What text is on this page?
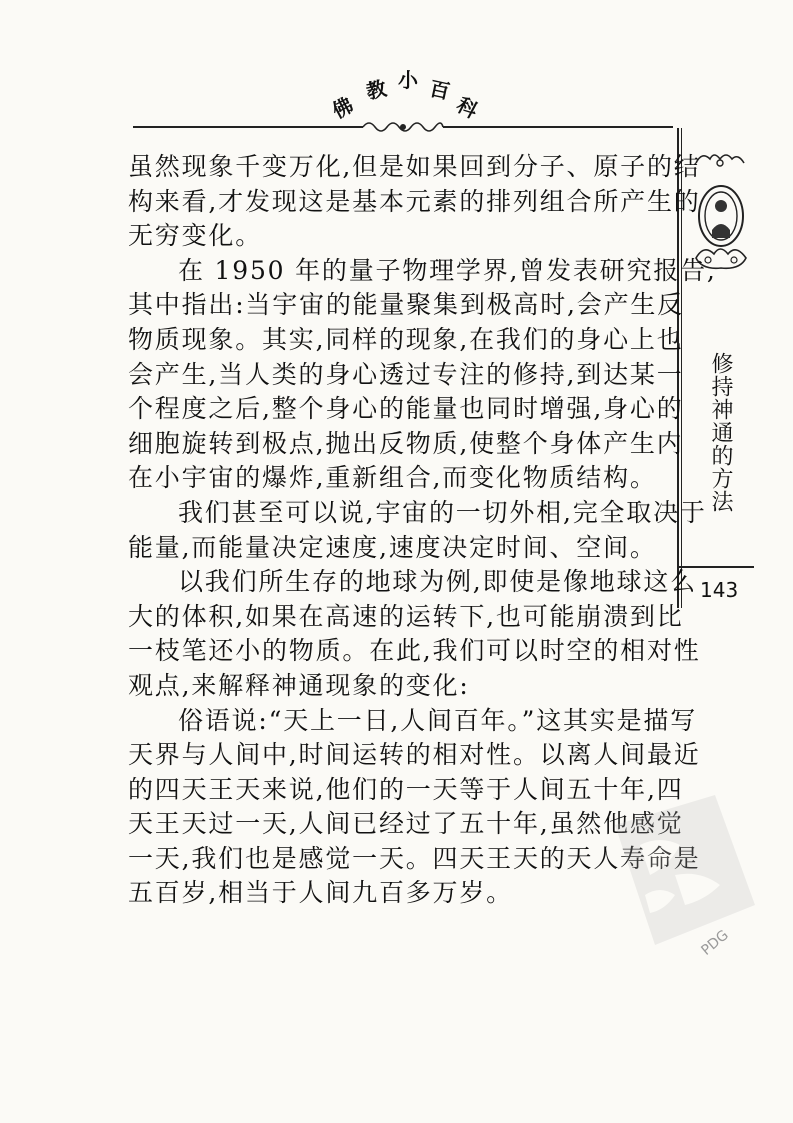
佛
教 小 百
科
修持神通的方法
143
虽然现象千变万化,但是如果回到分子、原子的结
构来看,才发现这是基本元素的排列组合所产生的
无穷变化。
在 1950 年的量子物理学界,曾发表研究报告,
其中指出:当宇宙的能量聚集到极高时,会产生反
物质现象。其实,同样的现象,在我们的身心上也
会产生,当人类的身心透过专注的修持,到达某一
个程度之后,整个身心的能量也同时增强,身心的
细胞旋转到极点,抛出反物质,使整个身体产生内
在小宇宙的爆炸,重新组合,而变化物质结构。
我们甚至可以说,宇宙的一切外相,完全取决于
能量,而能量决定速度,速度决定时间、空间。
以我们所生存的地球为例,即使是像地球这么
大的体积,如果在高速的运转下,也可能崩溃到比
一枝笔还小的物质。在此,我们可以时空的相对性
观点,来解释神通现象的变化:
俗语说:“天上一日,人间百年。”这其实是描写
天界与人间中,时间运转的相对性。以离人间最近
的四天王天来说,他们的一天等于人间五十年,四
天王天过一天,人间已经过了五十年,虽然他感觉
一天,我们也是感觉一天。四天王天的天人寿命是
五百岁,相当于人间九百多万岁。
PDG
